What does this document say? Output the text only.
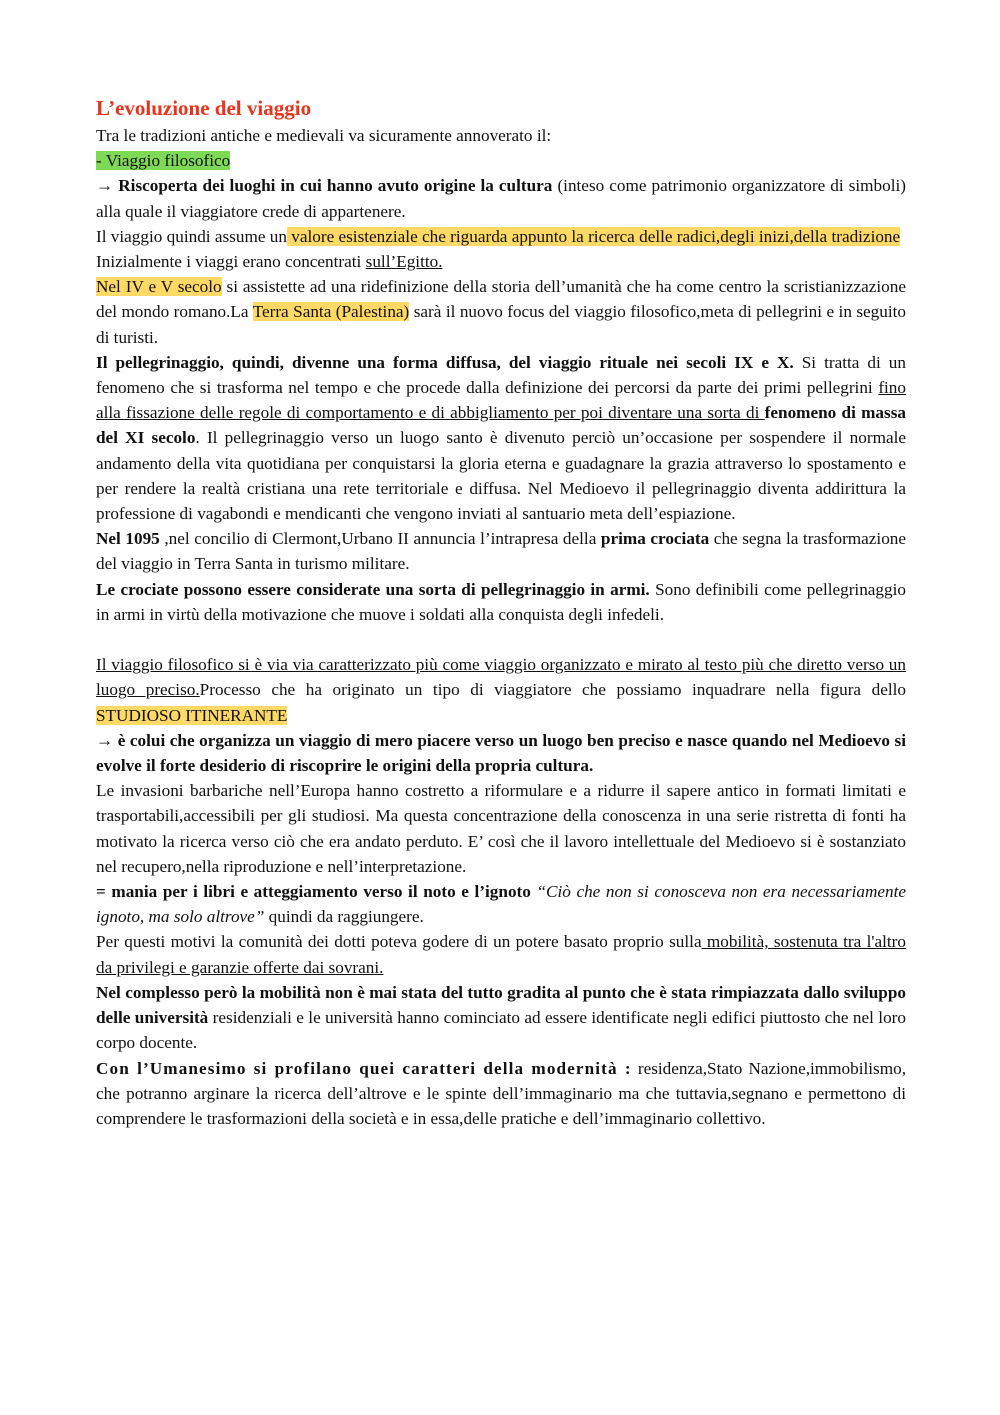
L’evoluzione del viaggio

Tra le tradizioni antiche e medievali va sicuramente annoverato il:

- Viaggio filosofico

→ Riscoperta dei luoghi in cui hanno avuto origine la cultura (inteso come patrimonio organizzatore di simboli) alla quale il viaggiatore crede di appartenere.

Il viaggio quindi assume un valore esistenziale che riguarda appunto la ricerca delle radici,degli inizi,della tradizione

Inizialmente i viaggi erano concentrati sull’Egitto.

Nel IV e V secolo si assistette ad una ridefinizione della storia dell’umanità che ha come centro la scristianizzazione del mondo romano.La Terra Santa (Palestina) sarà il nuovo focus del viaggio filosofico,meta di pellegrini e in seguito di turisti.

Il pellegrinaggio, quindi, divenne una forma diffusa, del viaggio rituale nei secoli IX e X. Si tratta di un fenomeno che si trasforma nel tempo e che procede dalla definizione dei percorsi da parte dei primi pellegrini fino alla fissazione delle regole di comportamento e di abbigliamento per poi diventare una sorta di fenomeno di massa del XI secolo. Il pellegrinaggio verso un luogo santo è divenuto perciò un’occasione per sospendere il normale andamento della vita quotidiana per conquistarsi la gloria eterna e guadagnare la grazia attraverso lo spostamento e per rendere la realtà cristiana una rete territoriale e diffusa. Nel Medioevo il pellegrinaggio diventa addirittura la professione di vagabondi e mendicanti che vengono inviati al santuario meta dell’espiazione.

Nel 1095 ,nel concilio di Clermont,Urbano II annuncia l’intrapresa della prima crociata che segna la trasformazione del viaggio in Terra Santa in turismo militare.

Le crociate possono essere considerate una sorta di pellegrinaggio in armi. Sono definibili come pellegrinaggio in armi in virtù della motivazione che muove i soldati alla conquista degli infedeli.

Il viaggio filosofico si è via via caratterizzato più come viaggio organizzato e mirato al testo più che diretto verso un luogo preciso.Processo che ha originato un tipo di viaggiatore che possiamo inquadrare nella figura dello STUDIOSO ITINERANTE

→ è colui che organizza un viaggio di mero piacere verso un luogo ben preciso e nasce quando nel Medioevo si evolve il forte desiderio di riscoprire le origini della propria cultura.

Le invasioni barbariche nell’Europa hanno costretto a riformulare e a ridurre il sapere antico in formati limitati e trasportabili,accessibili per gli studiosi. Ma questa concentrazione della conoscenza in una serie ristretta di fonti ha motivato la ricerca verso ciò che era andato perduto. E’ così che il lavoro intellettuale del Medioevo si è sostanziato nel recupero,nella riproduzione e nell’interpretazione.

= mania per i libri e atteggiamento verso il noto e l’ignoto “Ciò che non si conosceva non era necessariamente ignoto, ma solo altrove” quindi da raggiungere.

Per questi motivi la comunità dei dotti poteva godere di un potere basato proprio sulla mobilità, sostenuta tra l'altro da privilegi e garanzie offerte dai sovrani.

Nel complesso però la mobilità non è mai stata del tutto gradita al punto che è stata rimpiazzata dallo sviluppo delle università residenziali e le università hanno cominciato ad essere identificate negli edifici piuttosto che nel loro corpo docente.

Con l’Umanesimo si profilano quei caratteri della modernità : residenza,Stato Nazione,immobilismo, che potranno arginare la ricerca dell’altrove e le spinte dell’immaginario ma che tuttavia,segnano e permettono di comprendere le trasformazioni della società e in essa,delle pratiche e dell’immaginario collettivo.
